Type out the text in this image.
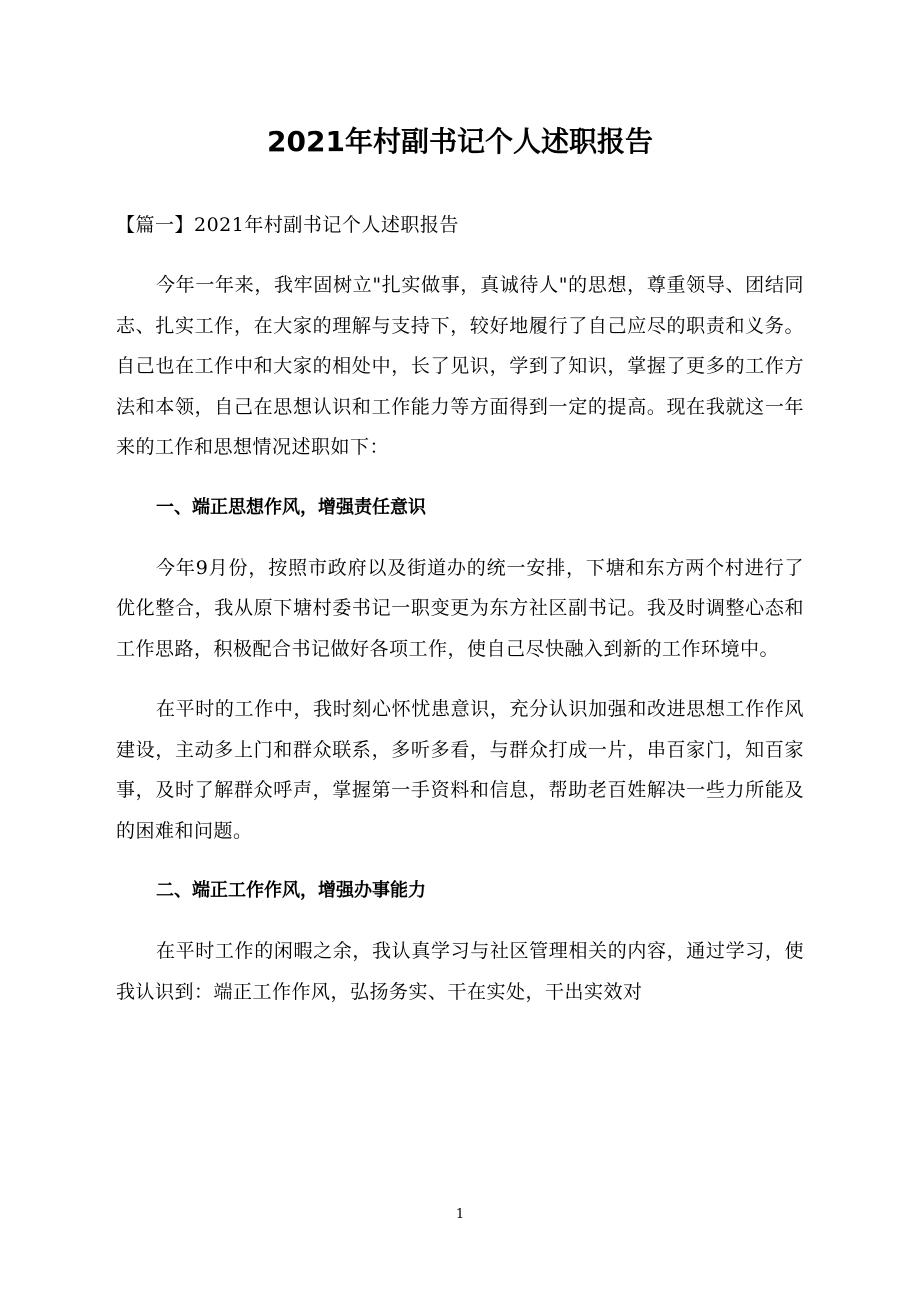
2021年村副书记个人述职报告

【篇一】2021年村副书记个人述职报告

今年一年来，我牢固树立"扎实做事，真诚待人"的思想，尊重领导、团结同志、扎实工作，在大家的理解与支持下，较好地履行了自己应尽的职责和义务。自己也在工作中和大家的相处中，长了见识，学到了知识，掌握了更多的工作方法和本领，自己在思想认识和工作能力等方面得到一定的提高。现在我就这一年来的工作和思想情况述职如下：

一、端正思想作风，增强责任意识

今年9月份，按照市政府以及街道办的统一安排，下塘和东方两个村进行了优化整合，我从原下塘村委书记一职变更为东方社区副书记。我及时调整心态和工作思路，积极配合书记做好各项工作，使自己尽快融入到新的工作环境中。

在平时的工作中，我时刻心怀忧患意识，充分认识加强和改进思想工作作风建设，主动多上门和群众联系，多听多看，与群众打成一片，串百家门，知百家事，及时了解群众呼声，掌握第一手资料和信息，帮助老百姓解决一些力所能及的困难和问题。

二、端正工作作风，增强办事能力

在平时工作的闲暇之余，我认真学习与社区管理相关的内容，通过学习，使我认识到：端正工作作风，弘扬务实、干在实处，干出实效对

1
